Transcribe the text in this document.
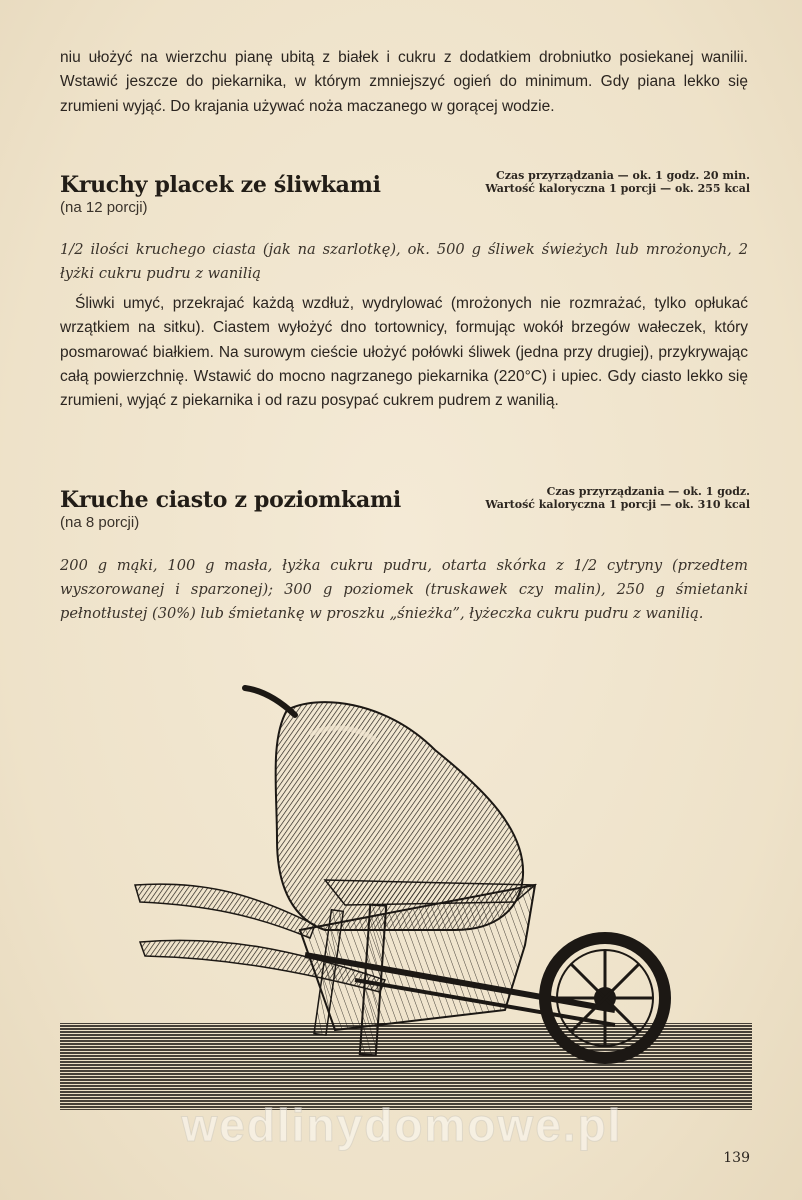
niu ułożyć na wierzchu pianę ubitą z białek i cukru z dodatkiem drobniutko posiekanej wanilii. Wstawić jeszcze do piekarnika, w którym zmniejszyć ogień do minimum. Gdy piana lekko się zrumieni wyjąć. Do krajania używać noża maczanego w gorącej wodzie.

Kruchy placek ze śliwkami

(na 12 porcji)

Czas przyrządzania — ok. 1 godz. 20 min.
Wartość kaloryczna 1 porcji — ok. 255 kcal

1/2 ilości kruchego ciasta (jak na szarlotkę), ok. 500 g śliwek świeżych lub mrożonych, 2 łyżki cukru pudru z wanilią

Śliwki umyć, przekrajać każdą wzdłuż, wydrylować (mrożonych nie rozmrażać, tylko opłukać wrzątkiem na sitku). Ciastem wyłożyć dno tortownicy, formując wokół brzegów wałeczek, który posmarować białkiem. Na surowym cieście ułożyć połówki śliwek (jedna przy drugiej), przykrywając całą powierzchnię. Wstawić do mocno nagrzanego piekarnika (220°C) i upiec. Gdy ciasto lekko się zrumieni, wyjąć z piekarnika i od razu posypać cukrem pudrem z wanilią.

Kruche ciasto z poziomkami

(na 8 porcji)

Czas przyrządzania — ok. 1 godz.
Wartość kaloryczna 1 porcji — ok. 310 kcal

200 g mąki, 100 g masła, łyżka cukru pudru, otarta skórka z 1/2 cytryny (przedtem wyszorowanej i sparzonej); 300 g poziomek (truskawek czy malin), 250 g śmietanki pełnotłustej (30%) lub śmietankę w proszku „śnieżka”, łyżeczka cukru pudru z wanilią.

wedlinydomowe.pl

139
